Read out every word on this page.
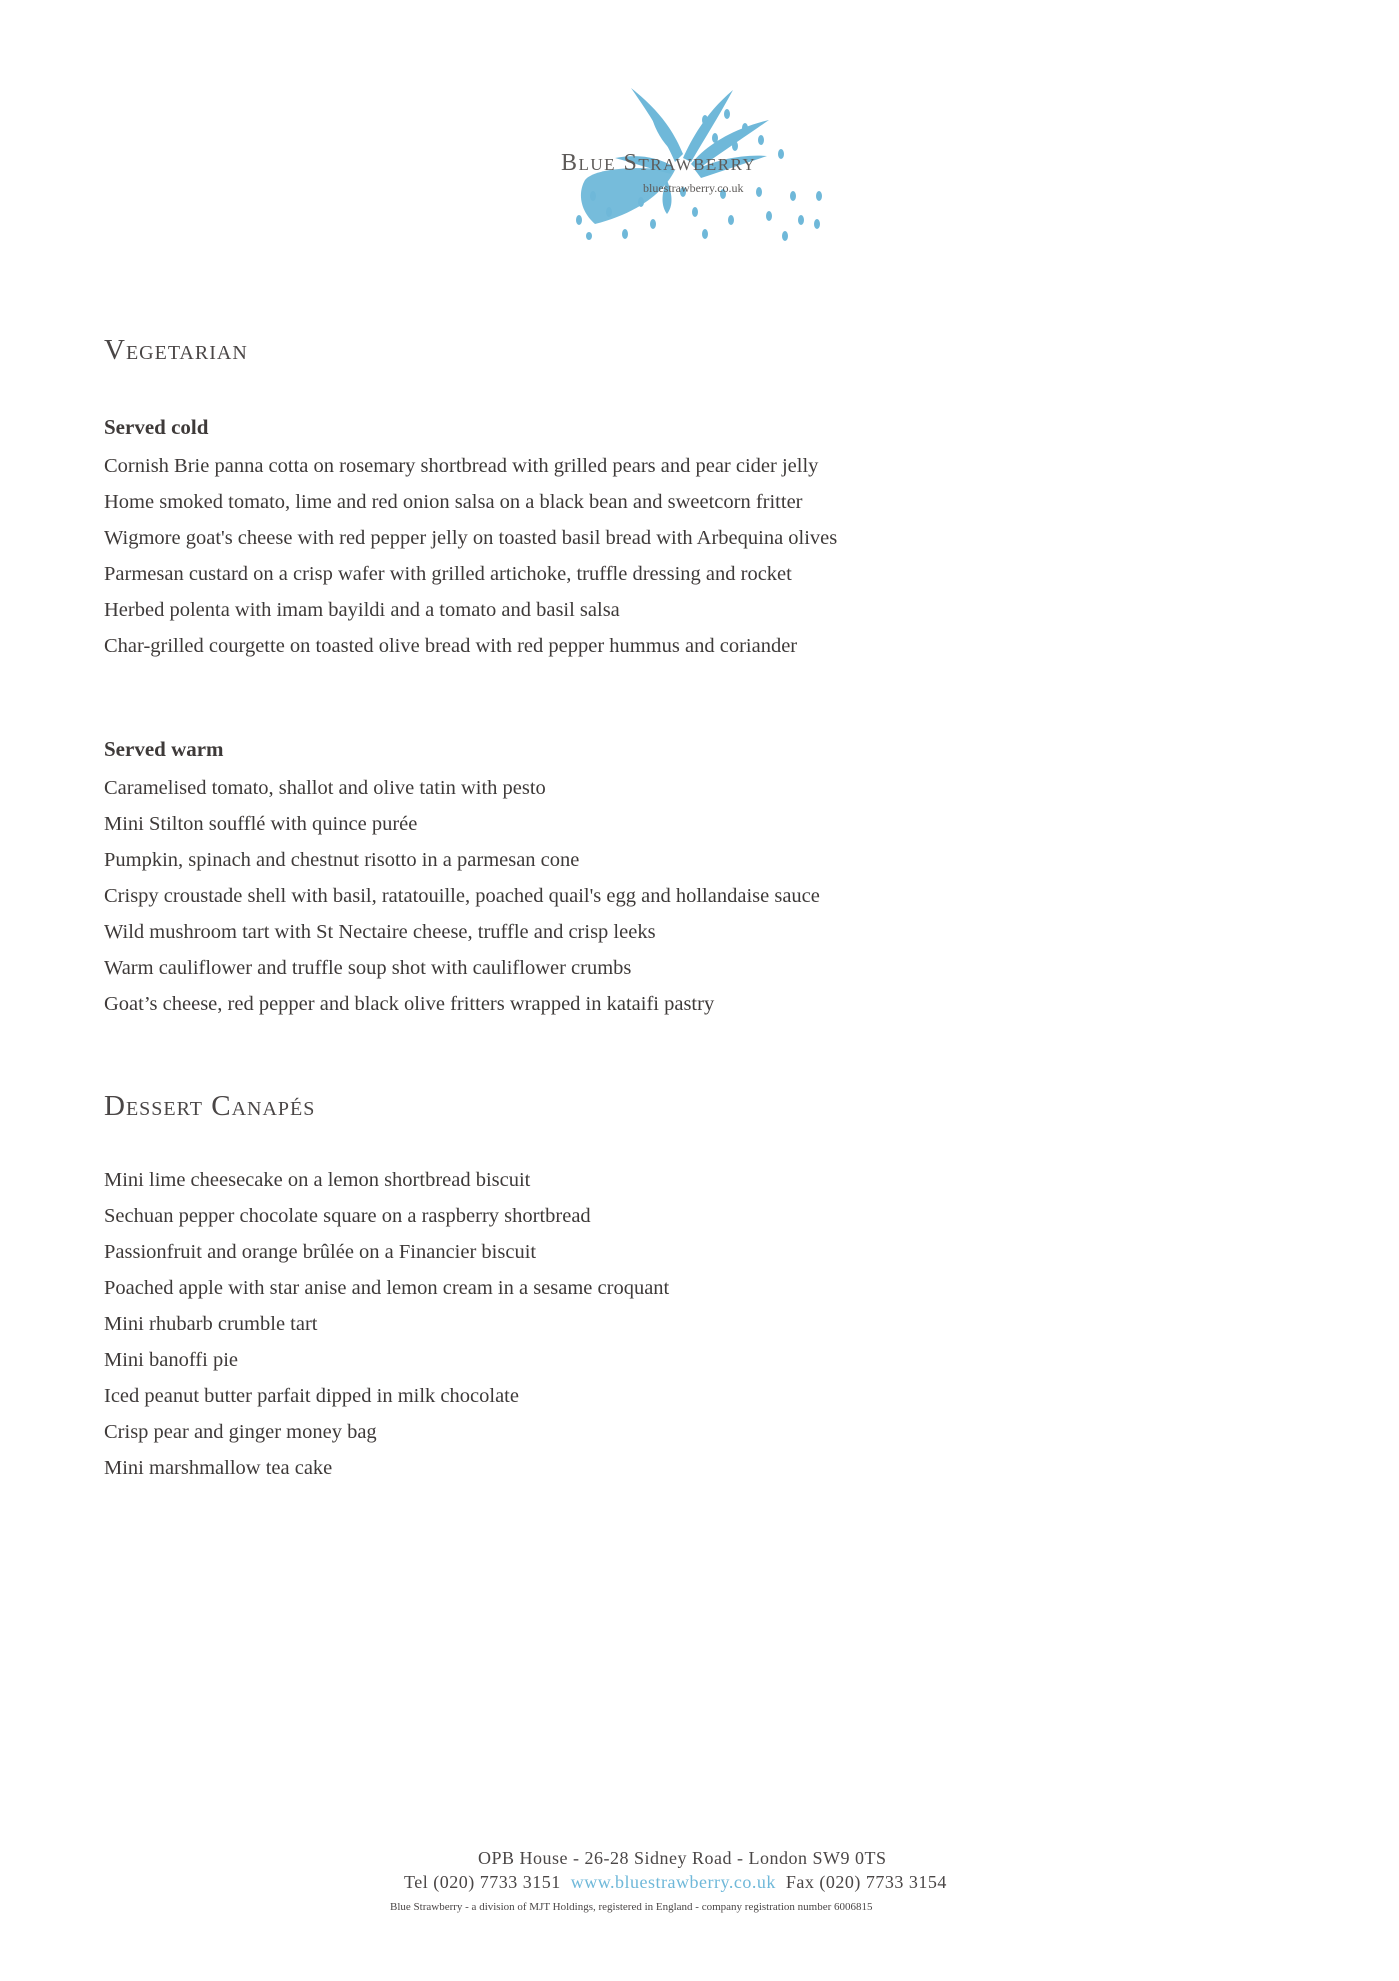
Blue Strawberry
bluestrawberry.co.uk
Vegetarian
Served cold
Cornish Brie panna cotta on rosemary shortbread with grilled pears and pear cider jelly
Home smoked tomato, lime and red onion salsa on a black bean and sweetcorn fritter
Wigmore goat's cheese with red pepper jelly on toasted basil bread with Arbequina olives
Parmesan custard on a crisp wafer with grilled artichoke, truffle dressing and rocket
Herbed polenta with imam bayildi and a tomato and basil salsa
Char-grilled courgette on toasted olive bread with red pepper hummus and coriander
Served warm
Caramelised tomato, shallot and olive tatin with pesto
Mini Stilton soufflé with quince purée
Pumpkin, spinach and chestnut risotto in a parmesan cone
Crispy croustade shell with basil, ratatouille, poached quail's egg and hollandaise sauce
Wild mushroom tart with St Nectaire cheese, truffle and crisp leeks
Warm cauliflower and truffle soup shot with cauliflower crumbs
Goat’s cheese, red pepper and black olive fritters wrapped in kataifi pastry
Dessert Canapés
Mini lime cheesecake on a lemon shortbread biscuit
Sechuan pepper chocolate square on a raspberry shortbread
Passionfruit and orange brûlée on a Financier biscuit
Poached apple with star anise and lemon cream in a sesame croquant
Mini rhubarb crumble tart
Mini banoffi pie
Iced peanut butter parfait dipped in milk chocolate
Crisp pear and ginger money bag
Mini marshmallow tea cake
OPB House - 26-28 Sidney Road - London SW9 0TS
Tel (020) 7733 3151 www.bluestrawberry.co.uk Fax (020) 7733 3154
Blue Strawberry - a division of MJT Holdings, registered in England - company registration number 6006815
